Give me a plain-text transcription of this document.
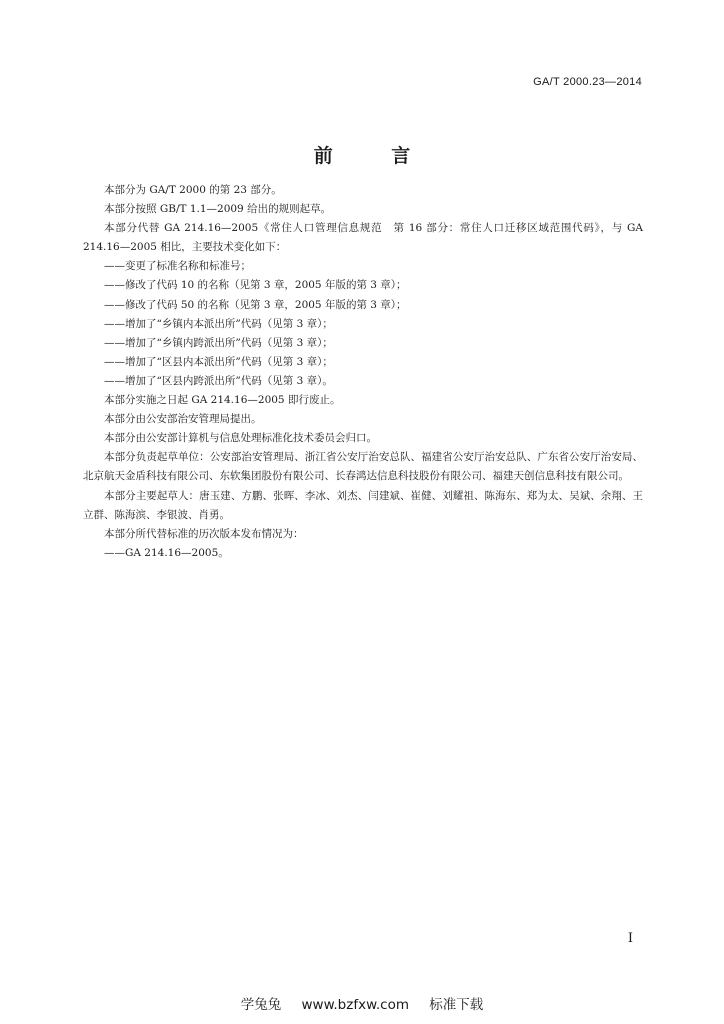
GA/T 2000.23—2014
前 言

本部分为 GA/T 2000 的第 23 部分。

本部分按照 GB/T 1.1—2009 给出的规则起草。

本部分代替 GA 214.16—2005《常住人口管理信息规范　第 16 部分：常住人口迁移区域范围代码》，与 GA 214.16—2005 相比，主要技术变化如下：

——变更了标准名称和标准号；

——修改了代码 10 的名称（见第 3 章，2005 年版的第 3 章）；

——修改了代码 50 的名称（见第 3 章，2005 年版的第 3 章）；

——增加了“乡镇内本派出所”代码（见第 3 章）；

——增加了“乡镇内跨派出所”代码（见第 3 章）；

——增加了“区县内本派出所”代码（见第 3 章）；

——增加了“区县内跨派出所”代码（见第 3 章）。

本部分实施之日起 GA 214.16—2005 即行废止。

本部分由公安部治安管理局提出。

本部分由公安部计算机与信息处理标准化技术委员会归口。

本部分负责起草单位：公安部治安管理局、浙江省公安厅治安总队、福建省公安厅治安总队、广东省公安厅治安局、北京航天金盾科技有限公司、东软集团股份有限公司、长春鸿达信息科技股份有限公司、福建天创信息科技有限公司。

本部分主要起草人：唐玉建、方鹏、张晖、李冰、刘杰、闫建斌、崔健、刘耀祖、陈海东、郑为太、吴斌、余翔、王立群、陈海滨、李银波、肖勇。

本部分所代替标准的历次版本发布情况为：

——GA 214.16—2005。

I
学兔兔 www.bzfxw.com 标准下载
